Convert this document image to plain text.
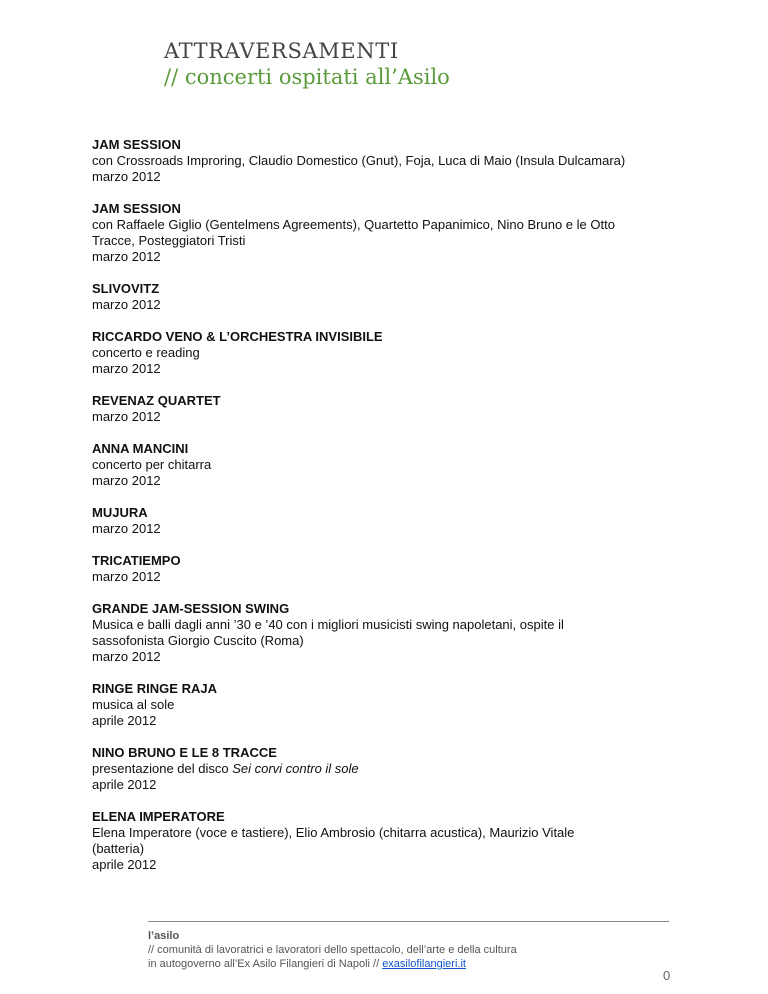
ATTRAVERSAMENTI
// concerti ospitati all’Asilo
JAM SESSION
con Crossroads Improring, Claudio Domestico (Gnut), Foja, Luca di Maio (Insula Dulcamara)
marzo 2012
JAM SESSION
con Raffaele Giglio (Gentelmens Agreements), Quartetto Papanimico, Nino Bruno e le Otto
Tracce, Posteggiatori Tristi
marzo 2012
SLIVOVITZ
marzo 2012
RICCARDO VENO & L’ORCHESTRA INVISIBILE
concerto e reading
marzo 2012
REVENAZ QUARTET
marzo 2012
ANNA MANCINI
concerto per chitarra
marzo 2012
MUJURA
marzo 2012
TRICATIEMPO
marzo 2012
GRANDE JAM-SESSION SWING
Musica e balli dagli anni ’30 e ’40 con i migliori musicisti swing napoletani, ospite il
sassofonista Giorgio Cuscito (Roma)
marzo 2012
RINGE RINGE RAJA
musica al sole
aprile 2012
NINO BRUNO E LE 8 TRACCE
presentazione del disco Sei corvi contro il sole
aprile 2012
ELENA IMPERATORE
Elena Imperatore (voce e tastiere), Elio Ambrosio (chitarra acustica), Maurizio Vitale
(batteria)
aprile 2012
l’asilo
// comunità di lavoratrici e lavoratori dello spettacolo, dell’arte e della cultura
in autogoverno all’Ex Asilo Filangieri di Napoli // exasilofilangieri.it
0
